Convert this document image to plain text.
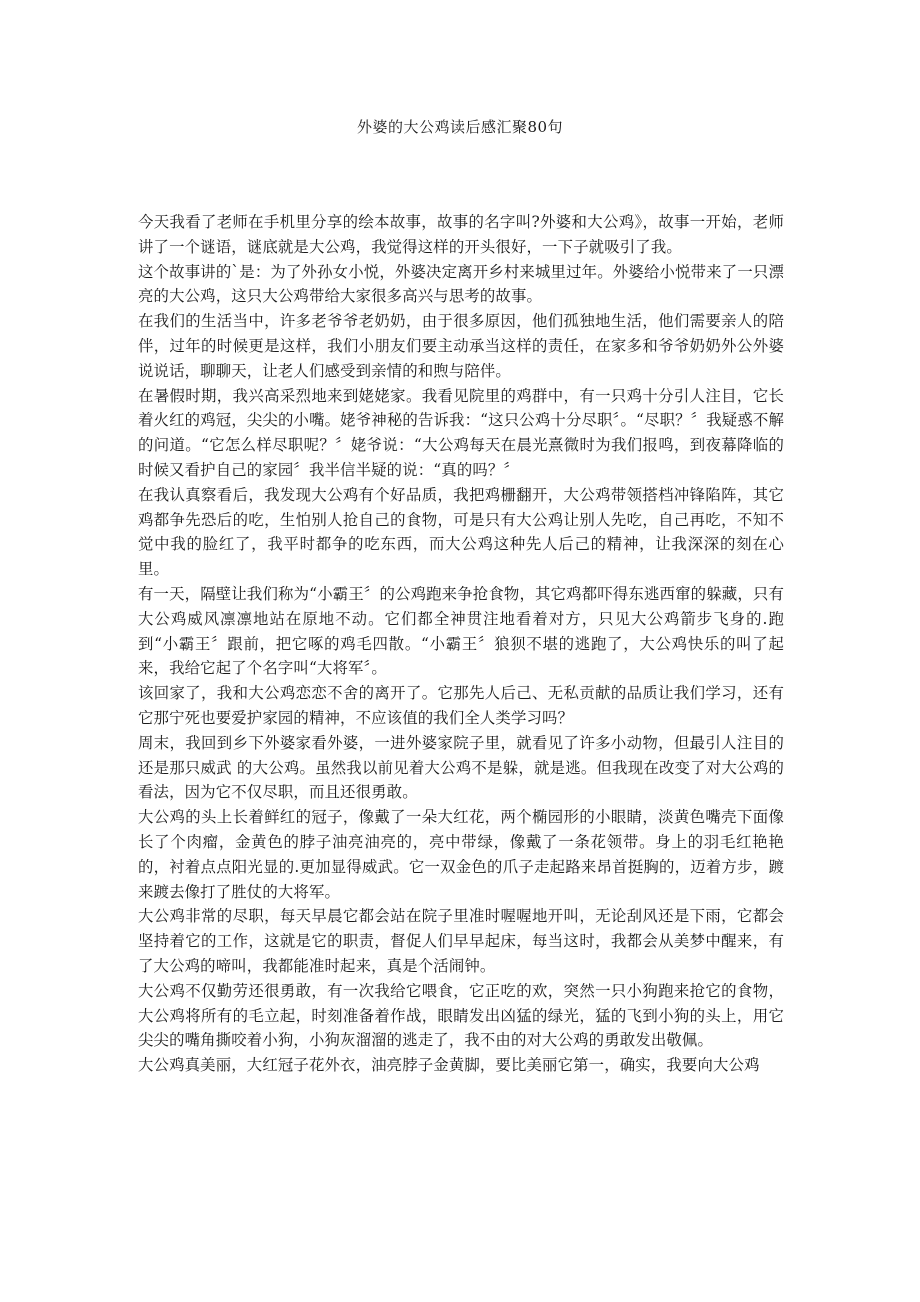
外婆的大公鸡读后感汇聚80句

今天我看了老师在手机里分享的绘本故事，故事的名字叫?外婆和大公鸡》，故事一开始，老师讲了一个谜语，谜底就是大公鸡，我觉得这样的开头很好，一下子就吸引了我。

这个故事讲的`是：为了外孙女小悦，外婆决定离开乡村来城里过年。外婆给小悦带来了一只漂亮的大公鸡，这只大公鸡带给大家很多高兴与思考的故事。

在我们的生活当中，许多老爷爷老奶奶，由于很多原因，他们孤独地生活，他们需要亲人的陪伴，过年的时候更是这样，我们小朋友们要主动承当这样的责任，在家多和爷爷奶奶外公外婆说说话，聊聊天，让老人们感受到亲情的和煦与陪伴。

在暑假时期，我兴高采烈地来到姥姥家。我看见院里的鸡群中，有一只鸡十分引人注目，它长着火红的鸡冠，尖尖的小嘴。姥爷神秘的告诉我：“这只公鸡十分尽职〞。“尽职？〞我疑惑不解的问道。“它怎么样尽职呢？〞姥爷说：“大公鸡每天在晨光熹微时为我们报鸣，到夜幕降临的时候又看护自己的家园〞我半信半疑的说：“真的吗？〞

在我认真察看后，我发现大公鸡有个好品质，我把鸡栅翻开，大公鸡带领搭档冲锋陷阵，其它鸡都争先恐后的吃，生怕别人抢自己的食物，可是只有大公鸡让别人先吃，自己再吃，不知不觉中我的脸红了，我平时都争的吃东西，而大公鸡这种先人后己的精神，让我深深的刻在心里。

有一天，隔壁让我们称为“小霸王〞的公鸡跑来争抢食物，其它鸡都吓得东逃西窜的躲藏，只有大公鸡威风凛凛地站在原地不动。它们都全神贯注地看着对方，只见大公鸡箭步飞身的.跑到“小霸王〞跟前，把它啄的鸡毛四散。“小霸王〞狼狈不堪的逃跑了，大公鸡快乐的叫了起来，我给它起了个名字叫“大将军〞。

该回家了，我和大公鸡恋恋不舍的离开了。它那先人后己、无私贡献的品质让我们学习，还有它那宁死也要爱护家园的精神，不应该值的我们全人类学习吗？

周末，我回到乡下外婆家看外婆，一进外婆家院子里，就看见了许多小动物，但最引人注目的还是那只威武 的大公鸡。虽然我以前见着大公鸡不是躲，就是逃。但我现在改变了对大公鸡的看法，因为它不仅尽职，而且还很勇敢。

大公鸡的头上长着鲜红的冠子，像戴了一朵大红花，两个椭园形的小眼睛，淡黄色嘴壳下面像长了个肉瘤，金黄色的脖子油亮油亮的，亮中带绿，像戴了一条花领带。身上的羽毛红艳艳的，衬着点点阳光显的.更加显得威武。它一双金色的爪子走起路来昂首挺胸的，迈着方步，踱来踱去像打了胜仗的大将军。

大公鸡非常的尽职，每天早晨它都会站在院子里准时喔喔地开叫，无论刮风还是下雨，它都会坚持着它的工作，这就是它的职责，督促人们早早起床，每当这时，我都会从美梦中醒来，有了大公鸡的啼叫，我都能准时起来，真是个活闹钟。

大公鸡不仅勤劳还很勇敢，有一次我给它喂食，它正吃的欢，突然一只小狗跑来抢它的食物，大公鸡将所有的毛立起，时刻准备着作战，眼睛发出凶猛的绿光，猛的飞到小狗的头上，用它尖尖的嘴角撕咬着小狗，小狗灰溜溜的逃走了，我不由的对大公鸡的勇敢发出敬佩。

大公鸡真美丽，大红冠子花外衣，油亮脖子金黄脚，要比美丽它第一，确实，我要向大公鸡
